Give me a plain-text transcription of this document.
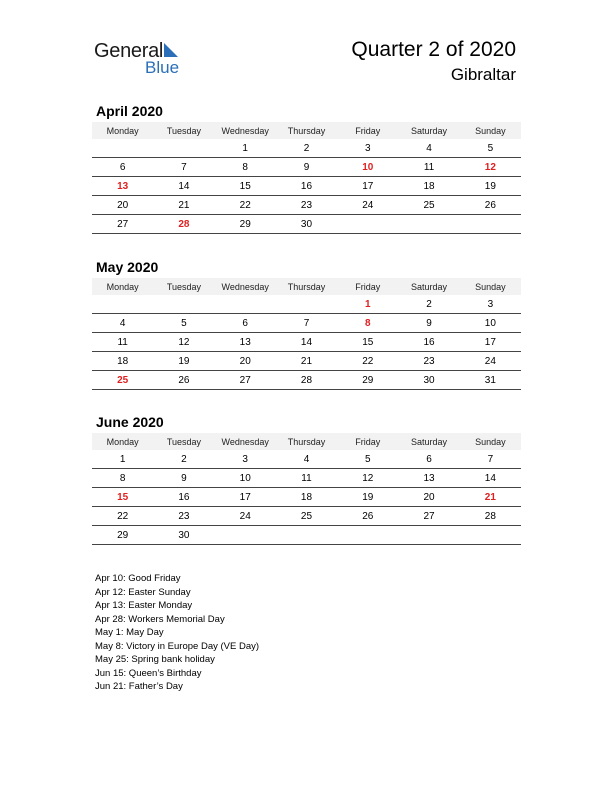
General
Blue
Quarter 2 of 2020
Gibraltar
April 2020
Monday	Tuesday	Wednesday	Thursday	Friday	Saturday	Sunday
		1	2	3	4	5
6	7	8	9	10	11	12
13	14	15	16	17	18	19
20	21	22	23	24	25	26
27	28	29	30			
May 2020
Monday	Tuesday	Wednesday	Thursday	Friday	Saturday	Sunday
				1	2	3
4	5	6	7	8	9	10
11	12	13	14	15	16	17
18	19	20	21	22	23	24
25	26	27	28	29	30	31
June 2020
Monday	Tuesday	Wednesday	Thursday	Friday	Saturday	Sunday
1	2	3	4	5	6	7
8	9	10	11	12	13	14
15	16	17	18	19	20	21
22	23	24	25	26	27	28
29	30					
Apr 10: Good Friday
Apr 12: Easter Sunday
Apr 13: Easter Monday
Apr 28: Workers Memorial Day
May 1: May Day
May 8: Victory in Europe Day (VE Day)
May 25: Spring bank holiday
Jun 15: Queen’s Birthday
Jun 21: Father’s Day
